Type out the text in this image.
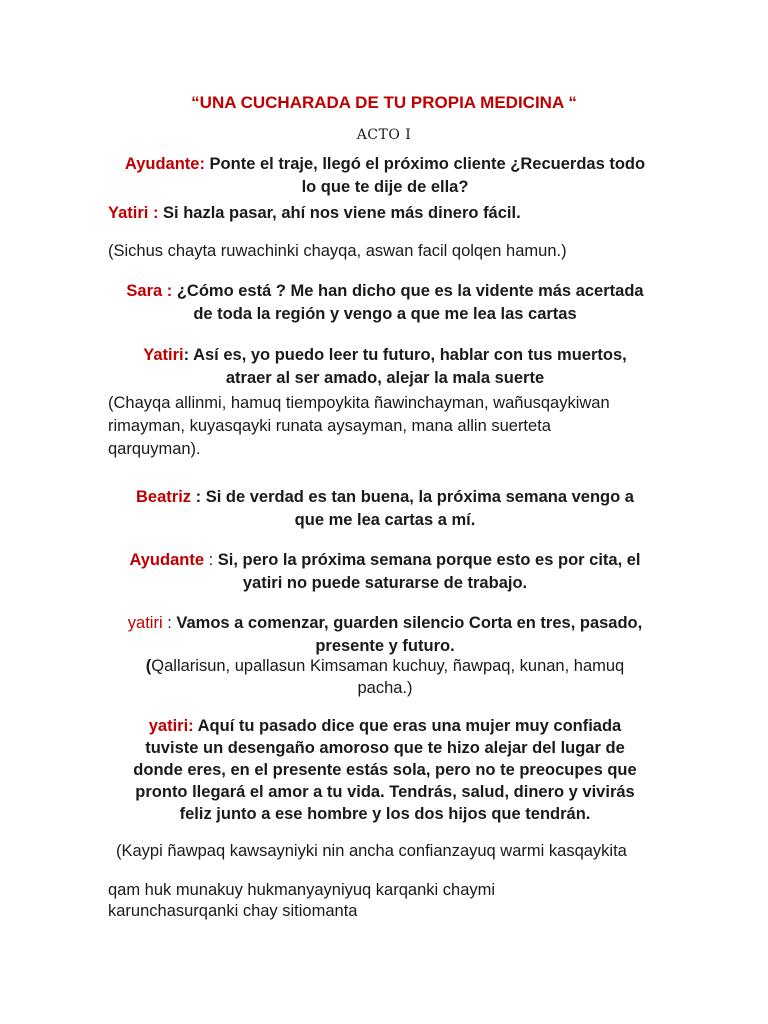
“UNA CUCHARADA DE TU PROPIA MEDICINA “
ACTO I

Ayudante: Ponte el traje, llegó el próximo cliente ¿Recuerdas todo

lo que te dije de ella?

Yatiri : Si hazla pasar, ahí nos viene más dinero fácil.

(Sichus chayta ruwachinki chayqa, aswan facil qolqen hamun.)

Sara : ¿Cómo está ? Me han dicho que es la vidente más acertada

de toda la región y vengo a que me lea las cartas

Yatiri: Así es, yo puedo leer tu futuro, hablar con tus muertos,

atraer al ser amado, alejar la mala suerte

(Chayqa allinmi, hamuq tiempoykita ñawinchayman, wañusqaykiwan

rimayman, kuyasqayki runata aysayman, mana allin suerteta

qarquyman).

Beatriz : Si de verdad es tan buena, la próxima semana vengo a

que me lea cartas a mí.

Ayudante : Si, pero la próxima semana porque esto es por cita, el

yatiri no puede saturarse de trabajo.

yatiri : Vamos a comenzar, guarden silencio Corta en tres, pasado,

presente y futuro.

(Qallarisun, upallasun Kimsaman kuchuy, ñawpaq, kunan, hamuq

pacha.)

yatiri: Aquí tu pasado dice que eras una mujer muy confiada

tuviste un desengaño amoroso que te hizo alejar del lugar de

donde eres, en el presente estás sola, pero no te preocupes que

pronto llegará el amor a tu vida. Tendrás, salud, dinero y vivirás

feliz junto a ese hombre y los dos hijos que tendrán.

(Kaypi ñawpaq kawsayniyki nin ancha confianzayuq warmi kasqaykita

qam huk munakuy hukmanyayniyuq karqanki chaymi

karunchasurqanki chay sitiomanta
